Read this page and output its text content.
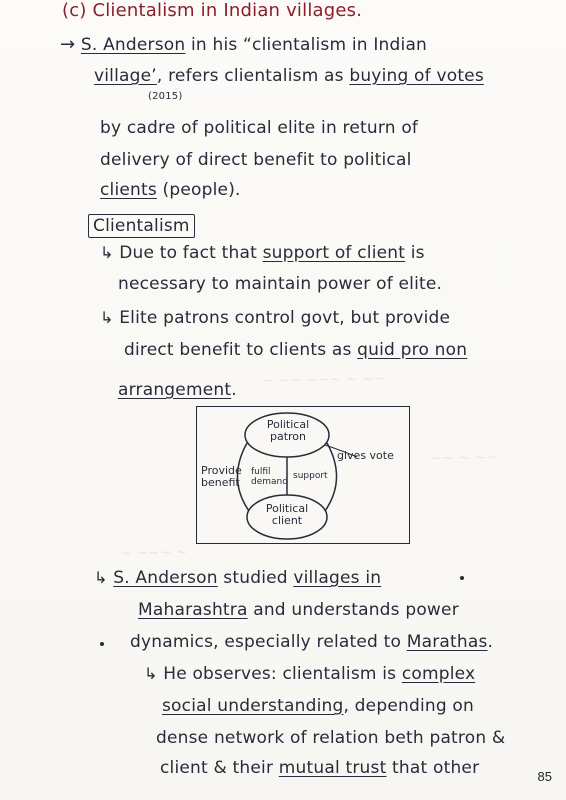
~ ~~ ~~~ ~ ~~
~~ ~ ~~
~ ~~~ ~
(c) Clientalism in Indian villages.
→ S. Anderson in his “clientalism in Indian
village’, refers clientalism as buying of votes
(2015)
by cadre of political elite in return of
delivery of direct benefit to political
clients (people).
Clientalism
↳ Due to fact that support of client is
necessary to maintain power of elite.
↳ Elite patrons control govt, but provide
direct benefit to clients as quid pro non
arrangement.
Political patron
Provide benefit
fulfil demand
support
gives vote
Political client
↳ S. Anderson studied villages in
Maharashtra and understands power
dynamics, especially related to Marathas.
↳ He observes: clientalism is complex
social understanding, depending on
dense network of relation beth patron &
client & their mutual trust that other	85
